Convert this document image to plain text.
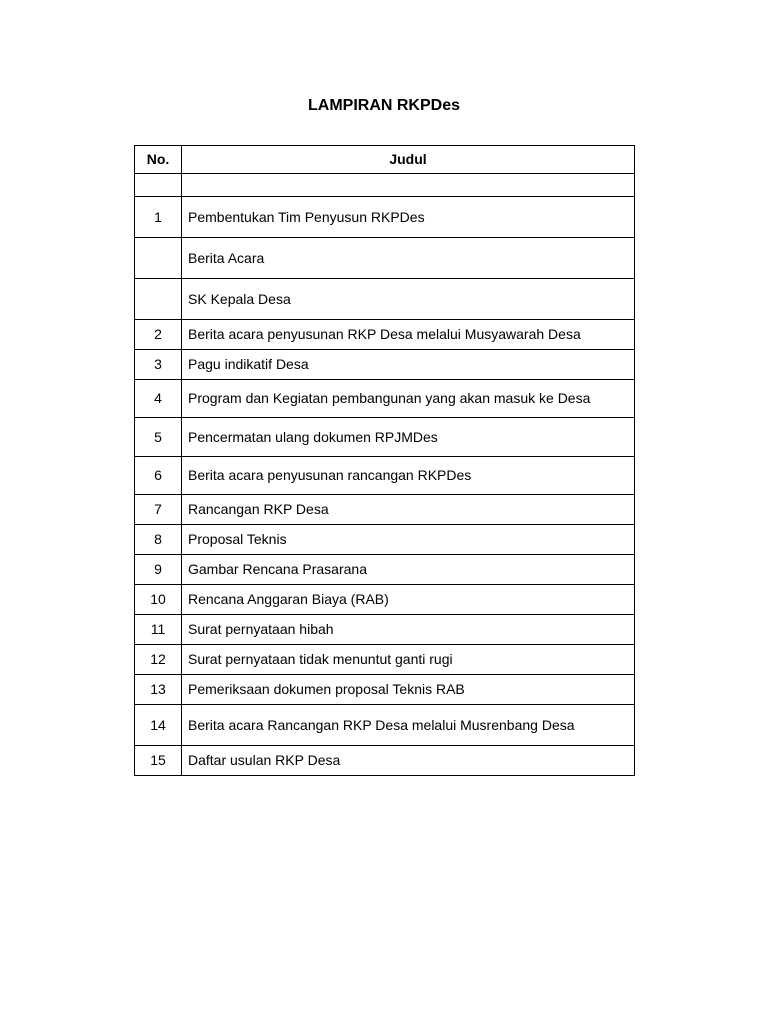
LAMPIRAN RKPDes
No.	Judul

1	Pembentukan Tim Penyusun RKPDes
	Berita Acara
	SK Kepala Desa
2	Berita acara penyusunan RKP Desa melalui Musyawarah Desa
3	Pagu indikatif Desa
4	Program dan Kegiatan pembangunan yang akan masuk ke Desa
5	Pencermatan ulang dokumen RPJMDes
6	Berita acara penyusunan rancangan RKPDes
7	Rancangan RKP Desa
8	Proposal Teknis
9	Gambar Rencana Prasarana
10	Rencana Anggaran Biaya (RAB)
11	Surat pernyataan hibah
12	Surat pernyataan tidak menuntut ganti rugi
13	Pemeriksaan dokumen proposal Teknis RAB
14	Berita acara Rancangan RKP Desa melalui Musrenbang Desa
15	Daftar usulan RKP Desa
